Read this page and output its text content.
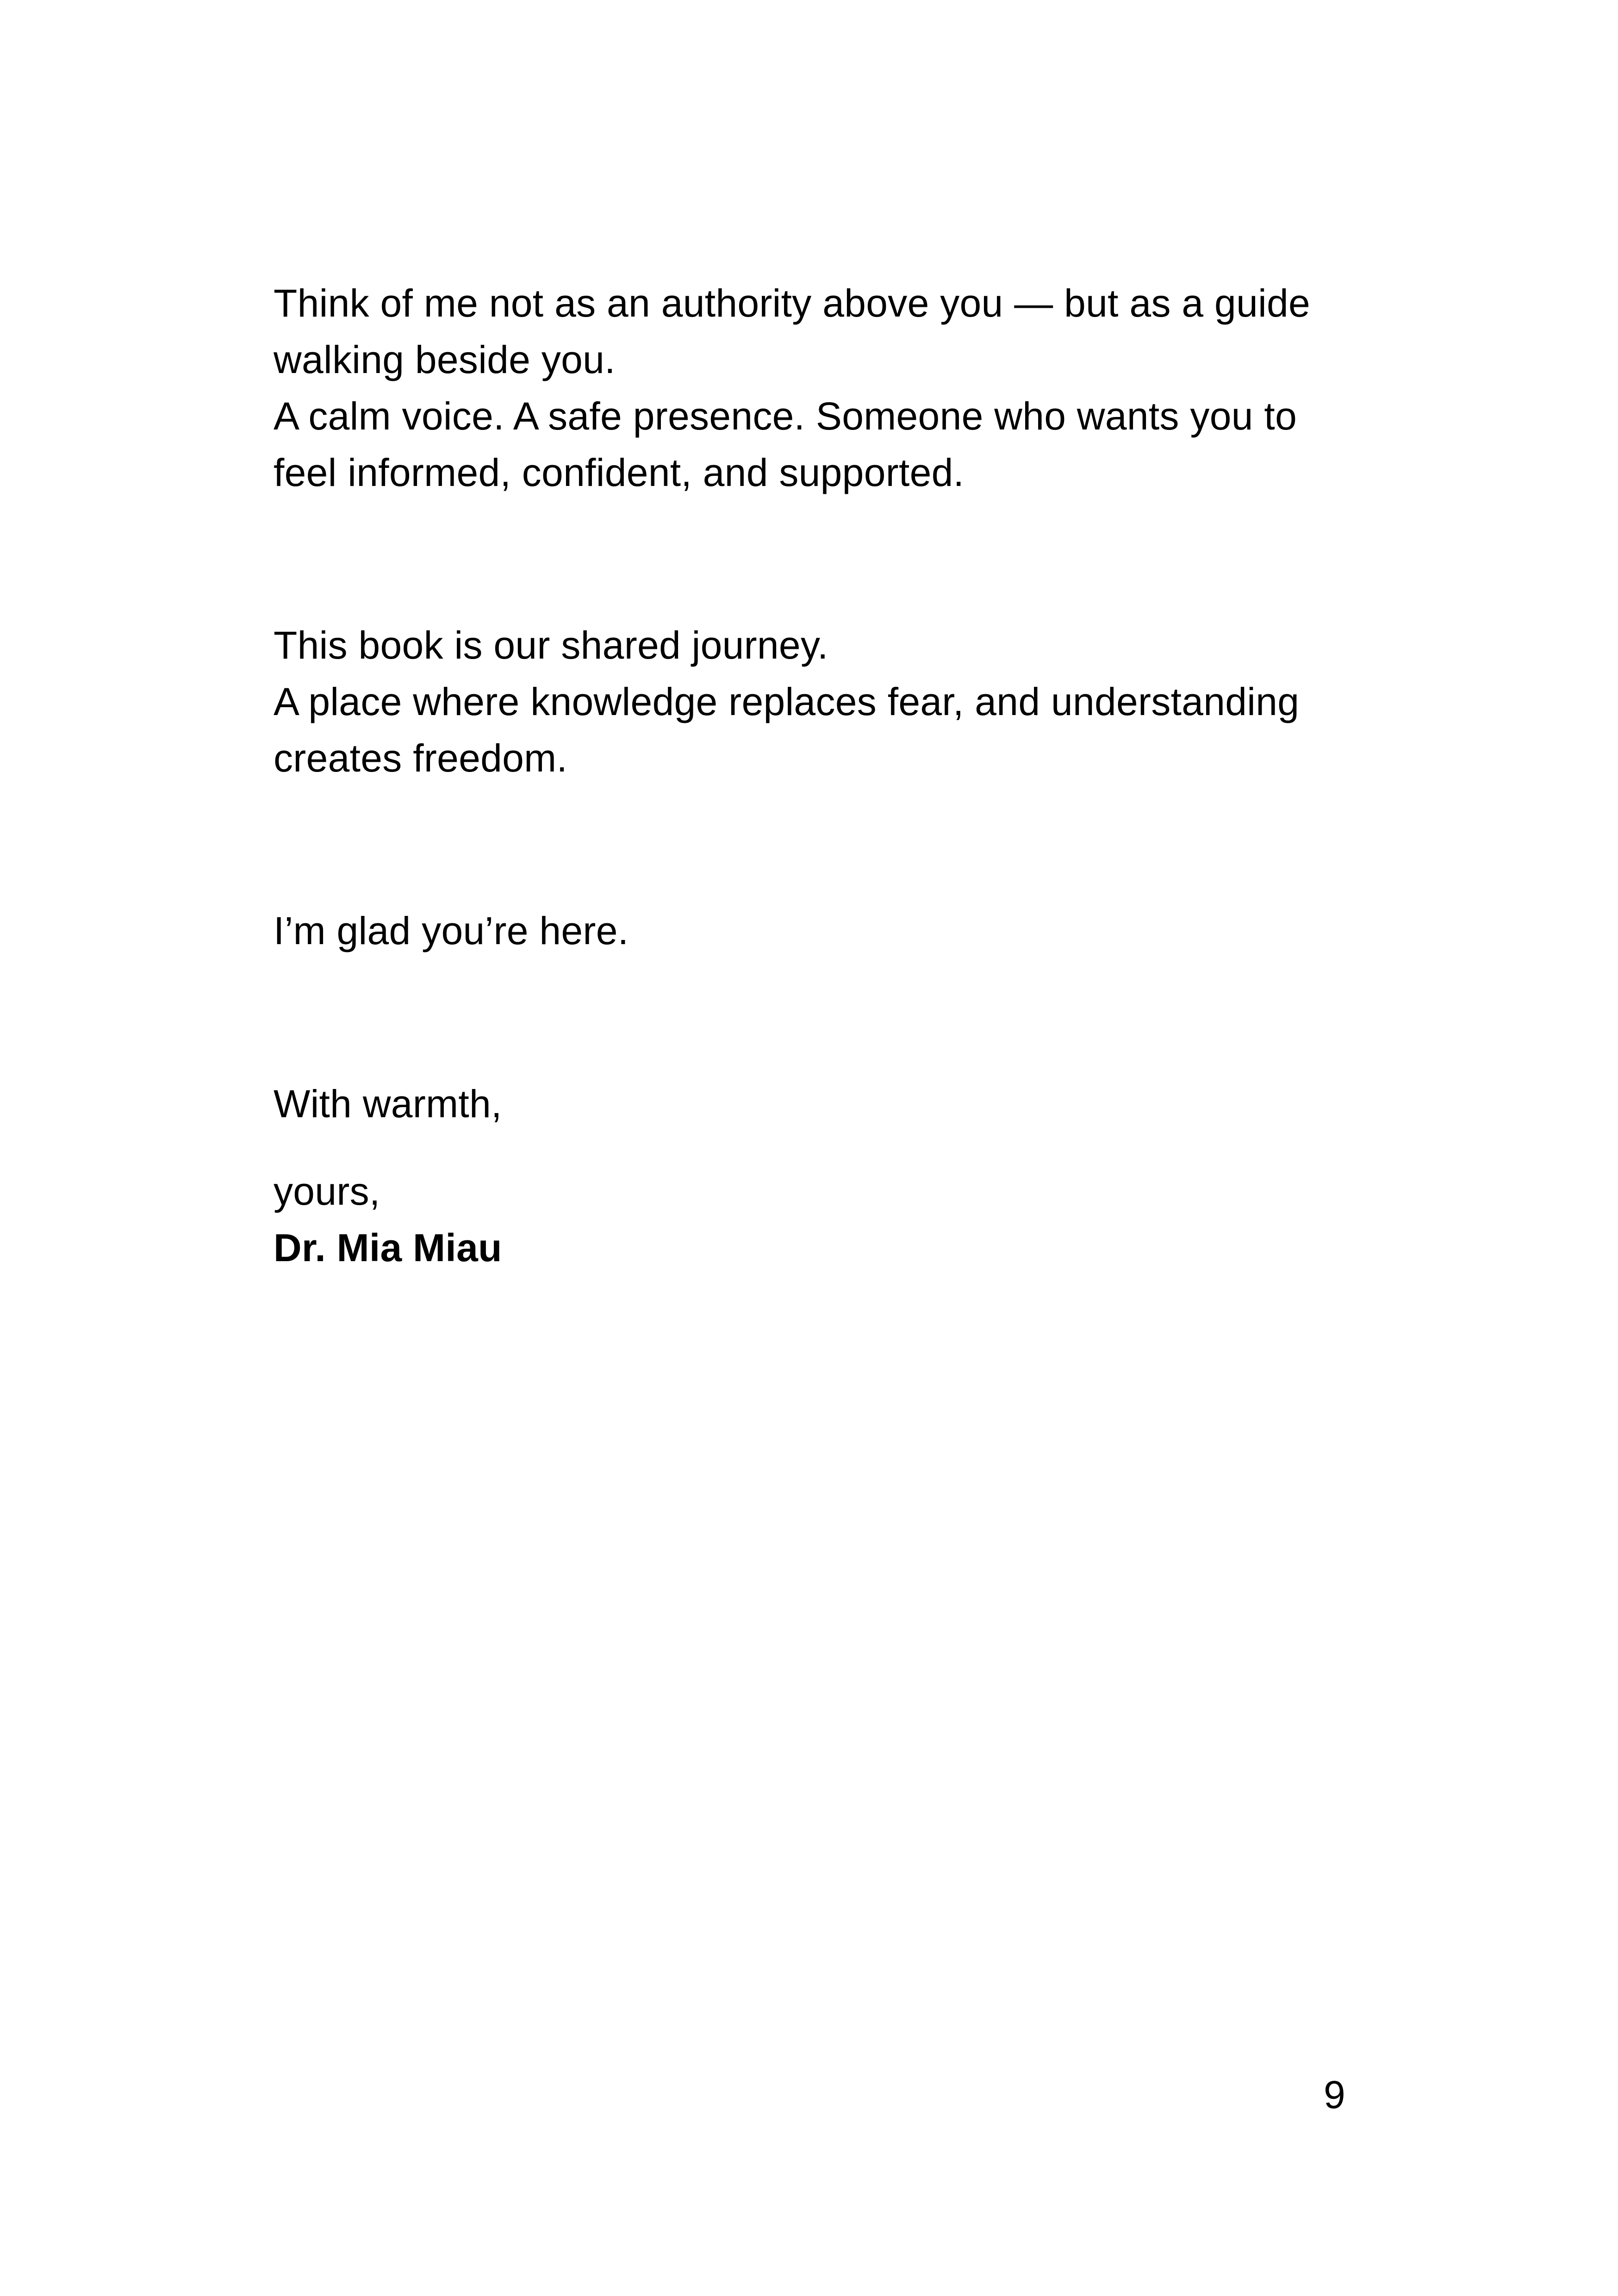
Think of me not as an authority above you — but as a guide
walking beside you.
A calm voice. A safe presence. Someone who wants you to
feel informed, confident, and supported.
This book is our shared journey.
A place where knowledge replaces fear, and understanding
creates freedom.
I’m glad you’re here.
With warmth,
yours,
Dr. Mia Miau
9
